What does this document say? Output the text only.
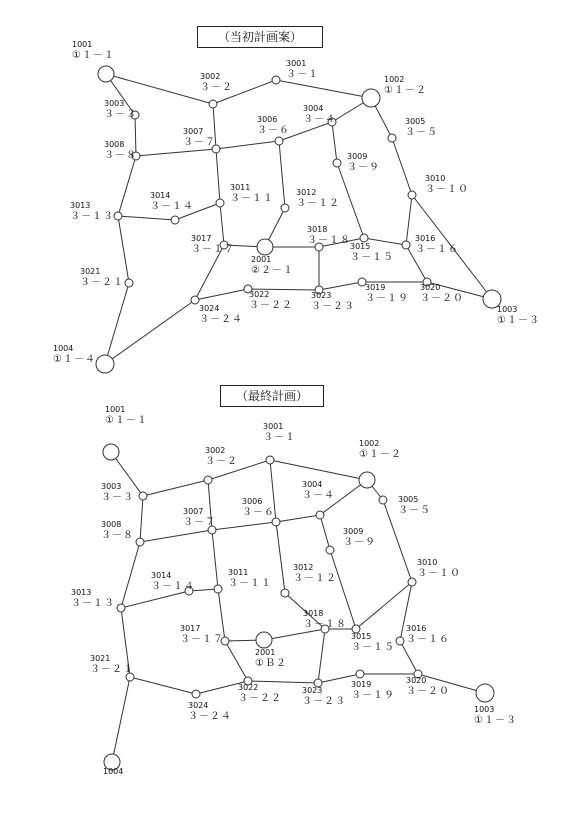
（当初計画案）
（最終計画）
1001
①１－１
1002
①１－２
1003
①１－３
1004
①１－４
2001
②２－１
3001
３－１
3002
３－２
3003
３－３
3004
３－４	3005
３－５
3006
３－６
3007
３－７
3008
３－８	3009
３－９
3010
３－１０
3011
３－１１
3012
３－１２
3013
３－１３
3014
３－１４
3015
３－１５
3016
３－１６
3017
３－１７
3018
３－１８
3019
３－１９
3020
３－２０
3021
３－２１
3022
３－２２
3023
３－２３
3024
３－２４
1001
①１－１
1002
①１－２
1003
①１－３
1004
2001
①Ｂ２
3001
３－１
3002
３－２
3003
３－３
3004
３－４	3005
３－５
3006
３－６
3007
３－７
3008
３－８	3009
３－９
3010
３－１０
3011
３－１１
3012
３－１２
3013
３－１３
3014
３－１４
3015
３－１５
3016
３－１６
3017
３－１７
3018
３－１８
3019
３－１９
3020
３－２０
3021
３－２１
3022
３－２２
3023
３－２３
3024
３－２４
